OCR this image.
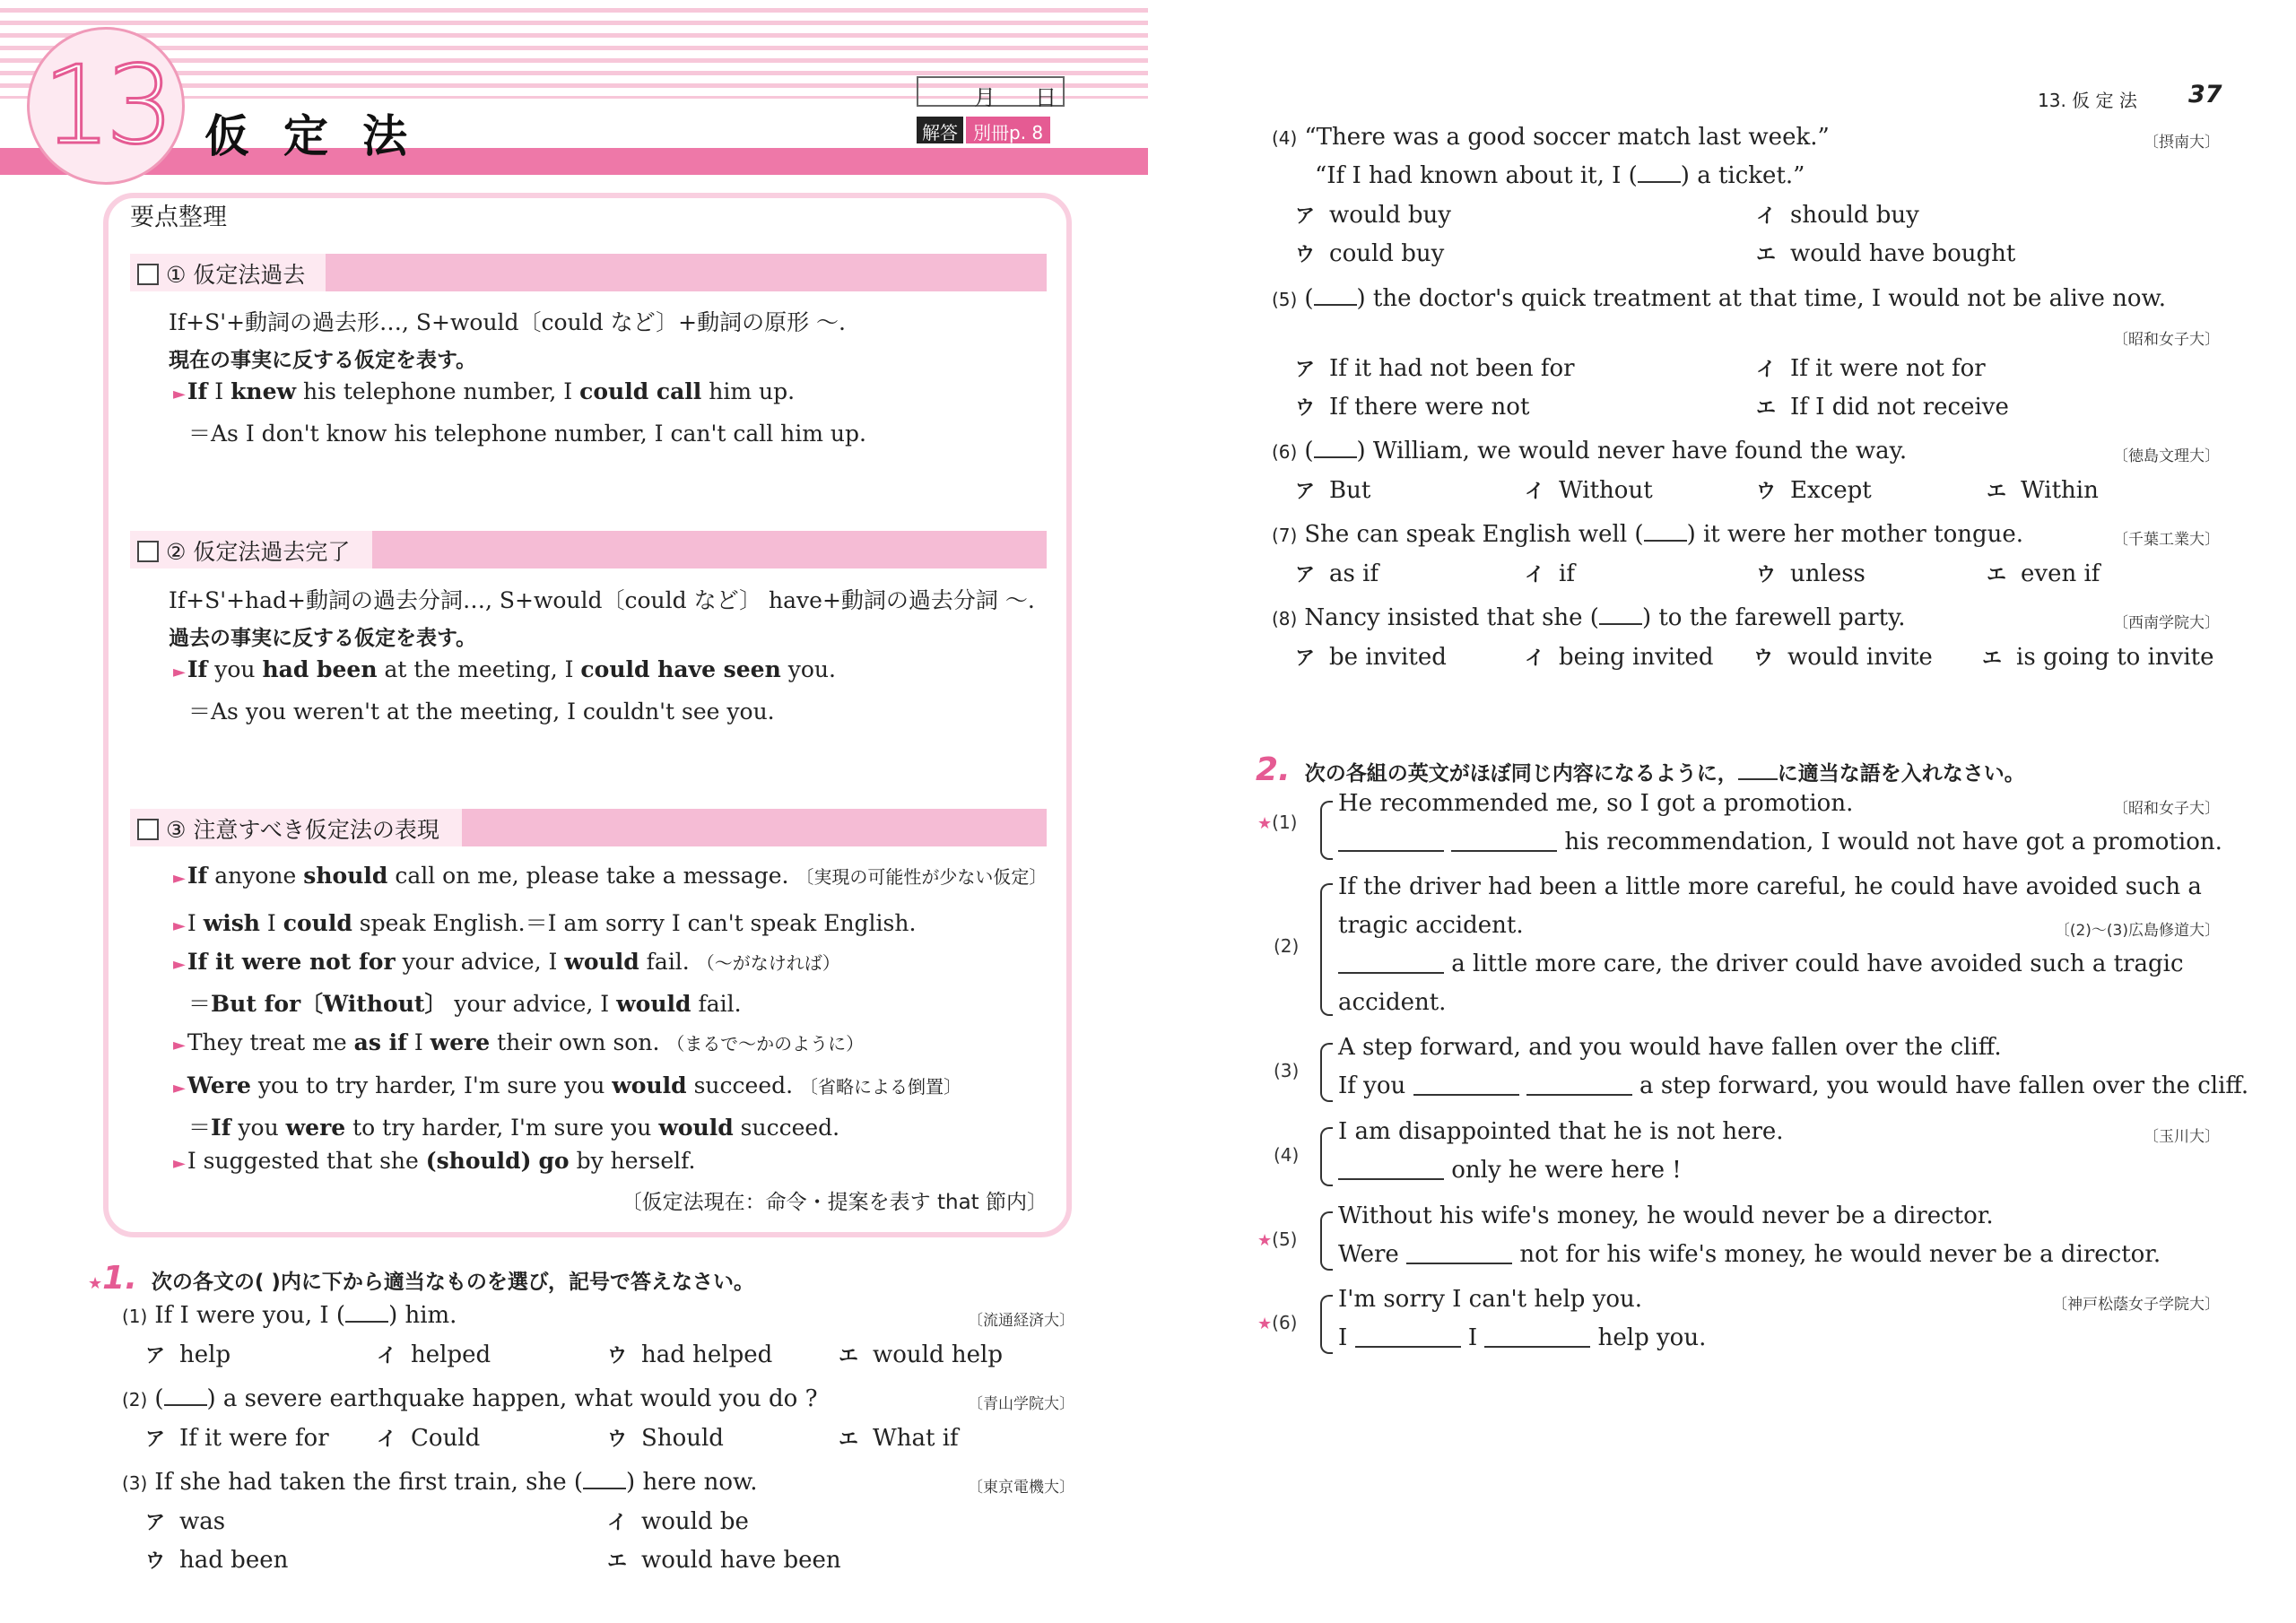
13 仮定法
月 日
解答 別冊p. 8
要点整理
① 仮定法過去
If+S'+動詞の過去形…, S+would〔could など〕+動詞の原形 ～.
現在の事実に反する仮定を表す。
►If I knew his telephone number, I could call him up.
＝As I don't know his telephone number, I can't call him up.
② 仮定法過去完了
If+S'+had+動詞の過去分詞…, S+would〔could など〕 have+動詞の過去分詞 ～.
過去の事実に反する仮定を表す。
►If you had been at the meeting, I could have seen you.
＝As you weren't at the meeting, I couldn't see you.
③ 注意すべき仮定法の表現
►If anyone should call on me, please take a message. 〔実現の可能性が少ない仮定〕
►I wish I could speak English.＝I am sorry I can't speak English.
►If it were not for your advice, I would fail. （～がなければ）
＝But for〔Without〕 your advice, I would fail.
►They treat me as if I were their own son. （まるで～かのように）
►Were you to try harder, I'm sure you would succeed. 〔省略による倒置〕
＝If you were to try harder, I'm sure you would succeed.
►I suggested that she (should) go by herself.
〔仮定法現在：命令・提案を表す that 節内〕
★1. 次の各文の( )内に下から適当なものを選び，記号で答えなさい。
(1) If I were you, I ( ) him.	〔流通経済大〕
ア help	イ helped	ウ had helped	エ would help
(2) ( ) a severe earthquake happen, what would you do ?	〔青山学院大〕
ア If it were for イ Could	ウ Should	エ What if
(3) If she had taken the first train, she ( ) here now.	〔東京電機大〕
ア was	イ would be
ウ had been	エ would have been
13. 仮 定 法 37
(4) “There was a good soccer match last week.”	〔摂南大〕
“If I had known about it, I ( ) a ticket.”
ア would buy	イ should buy
ウ could buy	エ would have bought
(5) ( ) the doctor's quick treatment at that time, I would not be alive now.
〔昭和女子大〕
ア If it had not been for	イ If it were not for
ウ If there were not	エ If I did not receive
(6) ( ) William, we would never have found the way.	〔徳島文理大〕
ア But	イ Without	ウ Except	エ Within
(7) She can speak English well ( ) it were her mother tongue.	〔千葉工業大〕
ア as if	イ if	ウ unless	エ even if
(8) Nancy insisted that she ( ) to the farewell party.	〔西南学院大〕
ア be invited	イ being invited ウ would invite	エ is going to invite
2. 次の各組の英文がほぼ同じ内容になるように， に適当な語を入れなさい。
★(1)
He recommended me, so I got a promotion.	〔昭和女子大〕
his recommendation, I would not have got a promotion.
(2)
If the driver had been a little more careful, he could have avoided such a
tragic accident.	〔(2)～(3)広島修道大〕
a little more care, the driver could have avoided such a tragic
accident.
(3)
A step forward, and you would have fallen over the cliff.
If you	a step forward, you would have fallen over the cliff.
(4)
I am disappointed that he is not here.	〔玉川大〕
only he were here !
★(5)
Without his wife's money, he would never be a director.
Were	not for his wife's money, he would never be a director.
★(6)
I'm sorry I can't help you.	〔神戸松蔭女子学院大〕
I	I	help you.
